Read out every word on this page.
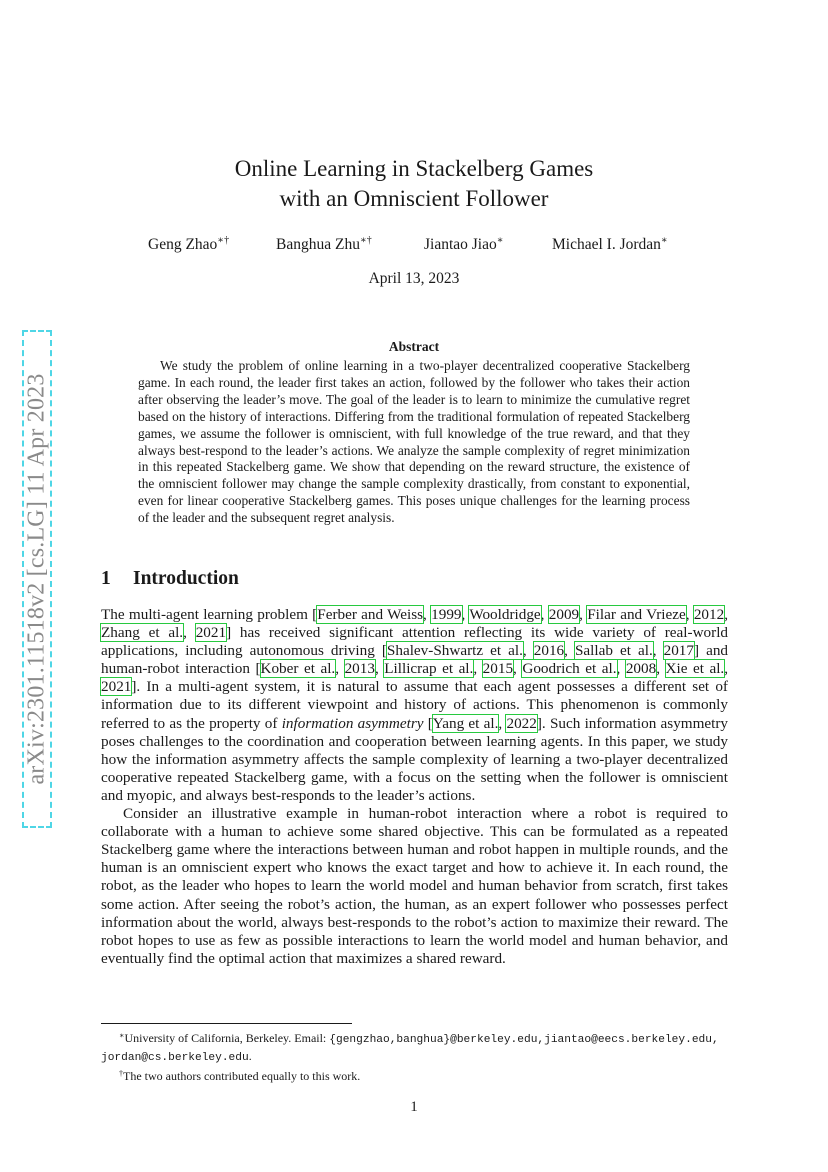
arXiv:2301.11518v2 [cs.LG] 11 Apr 2023
Online Learning in Stackelberg Games
with an Omniscient Follower
Geng Zhao∗†	Banghua Zhu∗†	Jiantao Jiao∗	Michael I. Jordan∗
April 13, 2023
Abstract

We study the problem of online learning in a two-player decentralized cooperative Stackelberg game. In each round, the leader first takes an action, followed by the follower who takes their action after observing the leader’s move. The goal of the leader is to learn to minimize the cumulative regret based on the history of interactions. Differing from the traditional formulation of repeated Stackelberg games, we assume the follower is omniscient, with full knowledge of the true reward, and that they always best-respond to the leader’s actions. We analyze the sample complexity of regret minimization in this repeated Stackelberg game. We show that depending on the reward structure, the existence of the omniscient follower may change the sample complexity drastically, from constant to exponential, even for linear cooperative Stackelberg games. This poses unique challenges for the learning process of the leader and the subsequent regret analysis.

1 Introduction

The multi-agent learning problem [Ferber and Weiss, 1999, Wooldridge, 2009, Filar and Vrieze, 2012, Zhang et al., 2021] has received significant attention reflecting its wide variety of real-world applications, including autonomous driving [Shalev-Shwartz et al., 2016, Sallab et al., 2017] and human-robot interaction [Kober et al., 2013, Lillicrap et al., 2015, Goodrich et al., 2008, Xie et al., 2021]. In a multi-agent system, it is natural to assume that each agent possesses a different set of information due to its different viewpoint and history of actions. This phenomenon is commonly referred to as the property of information asymmetry [Yang et al., 2022]. Such information asymmetry poses challenges to the coordination and cooperation between learning agents. In this paper, we study how the information asymmetry affects the sample complexity of learning a two-player decentralized cooperative repeated Stackelberg game, with a focus on the setting when the follower is omniscient and myopic, and always best-responds to the leader’s actions.

Consider an illustrative example in human-robot interaction where a robot is required to collaborate with a human to achieve some shared objective. This can be formulated as a repeated Stackelberg game where the interactions between human and robot happen in multiple rounds, and the human is an omniscient expert who knows the exact target and how to achieve it. In each round, the robot, as the leader who hopes to learn the world model and human behavior from scratch, first takes some action. After seeing the robot’s action, the human, as an expert follower who possesses perfect information about the world, always best-responds to the robot’s action to maximize their reward. The robot hopes to use as few as possible interactions to learn the world model and human behavior, and eventually find the optimal action that maximizes a shared reward.

∗University of California, Berkeley. Email: {gengzhao,banghua}@berkeley.edu,jiantao@eecs.berkeley.edu,
jordan@cs.berkeley.edu.

†The two authors contributed equally to this work.

1
